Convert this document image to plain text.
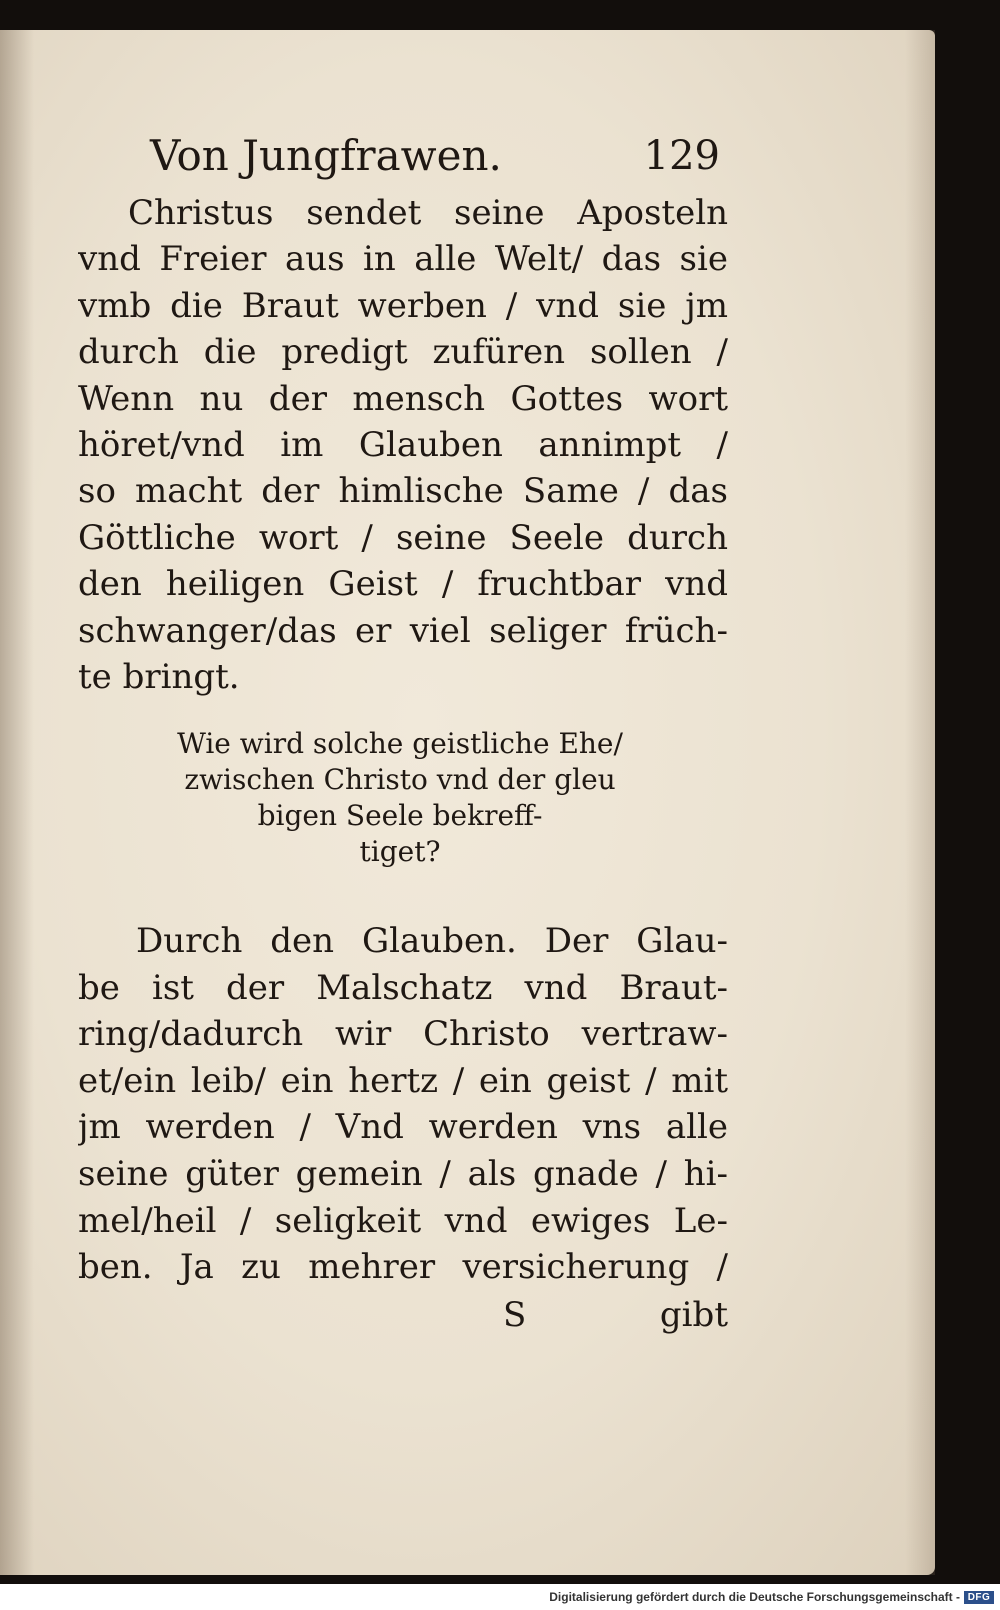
Von Jungfrawen.	129
Christus sendet seine Aposteln
vnd Freier aus in alle Welt/ das sie
vmb die Braut werben / vnd sie jm
durch die predigt zufüren sollen /
Wenn nu der mensch Gottes wort
höret/vnd im Glauben annimpt /
so macht der himlische Same / das
Göttliche wort / seine Seele durch
den heiligen Geist / fruchtbar vnd
schwanger/das er viel seliger früch-
te bringt.
Wie wird solche geistliche Ehe/
zwischen Christo vnd der gleu
bigen Seele bekreff-
tiget?
Durch den Glauben. Der Glau-
be ist der Malschatz vnd Braut-
ring/dadurch wir Christo vertraw-
et/ein leib/ ein hertz / ein geist / mit
jm werden / Vnd werden vns alle
seine güter gemein / als gnade / hi-
mel/heil / seligkeit vnd ewiges Le-
ben. Ja zu mehrer versicherung /
S	gibt
Digitalisierung gefördert durch die Deutsche Forschungsgemeinschaft - DFG
